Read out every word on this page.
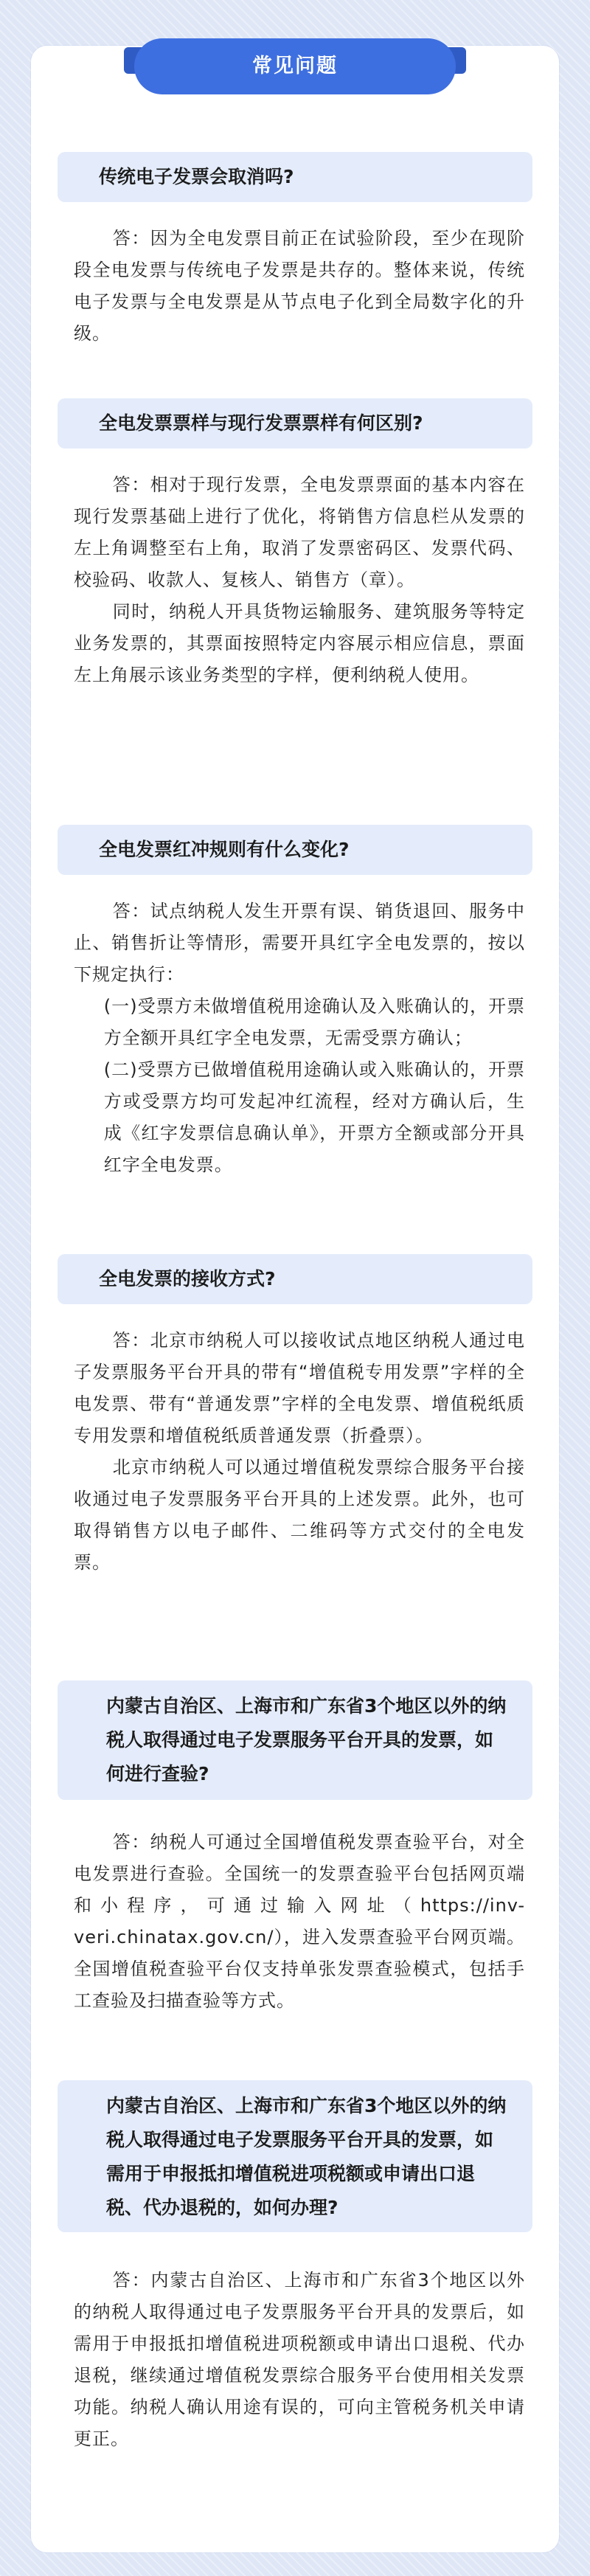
常见问题
传统电子发票会取消吗?

答：因为全电发票目前正在试验阶段，至少在现阶段全电发票与传统电子发票是共存的。整体来说，传统电子发票与全电发票是从节点电子化到全局数字化的升级。

全电发票票样与现行发票票样有何区别?

答：相对于现行发票，全电发票票面的基本内容在现行发票基础上进行了优化，将销售方信息栏从发票的左上角调整至右上角，取消了发票密码区、发票代码、校验码、收款人、复核人、销售方（章）。

同时，纳税人开具货物运输服务、建筑服务等特定业务发票的，其票面按照特定内容展示相应信息，票面左上角展示该业务类型的字样，便利纳税人使用。

全电发票红冲规则有什么变化?

答：试点纳税人发生开票有误、销货退回、服务中止、销售折让等情形，需要开具红字全电发票的，按以下规定执行：

(一)受票方未做增值税用途确认及入账确认的，开票方全额开具红字全电发票，无需受票方确认；

(二)受票方已做增值税用途确认或入账确认的，开票方或受票方均可发起冲红流程，经对方确认后，生成《红字发票信息确认单》，开票方全额或部分开具红字全电发票。

全电发票的接收方式?

答：北京市纳税人可以接收试点地区纳税人通过电子发票服务平台开具的带有“增值税专用发票”字样的全电发票、带有“普通发票”字样的全电发票、增值税纸质专用发票和增值税纸质普通发票（折叠票）。

北京市纳税人可以通过增值税发票综合服务平台接收通过电子发票服务平台开具的上述发票。此外，也可取得销售方以电子邮件、二维码等方式交付的全电发票。

内蒙古自治区、上海市和广东省3个地区以外的纳税人取得通过电子发票服务平台开具的发票，如何进行查验?

答：纳税人可通过全国增值税发票查验平台，对全电发票进行查验。全国统一的发票查验平台包括网页端和小程序，可通过输入网址（https://inv-veri.chinatax.gov.cn/），进入发票查验平台网页端。全国增值税查验平台仅支持单张发票查验模式，包括手工查验及扫描查验等方式。

内蒙古自治区、上海市和广东省3个地区以外的纳税人取得通过电子发票服务平台开具的发票，如需用于申报抵扣增值税进项税额或申请出口退税、代办退税的，如何办理?

答：内蒙古自治区、上海市和广东省3个地区以外的纳税人取得通过电子发票服务平台开具的发票后，如需用于申报抵扣增值税进项税额或申请出口退税、代办退税，继续通过增值税发票综合服务平台使用相关发票功能。纳税人确认用途有误的，可向主管税务机关申请更正。
